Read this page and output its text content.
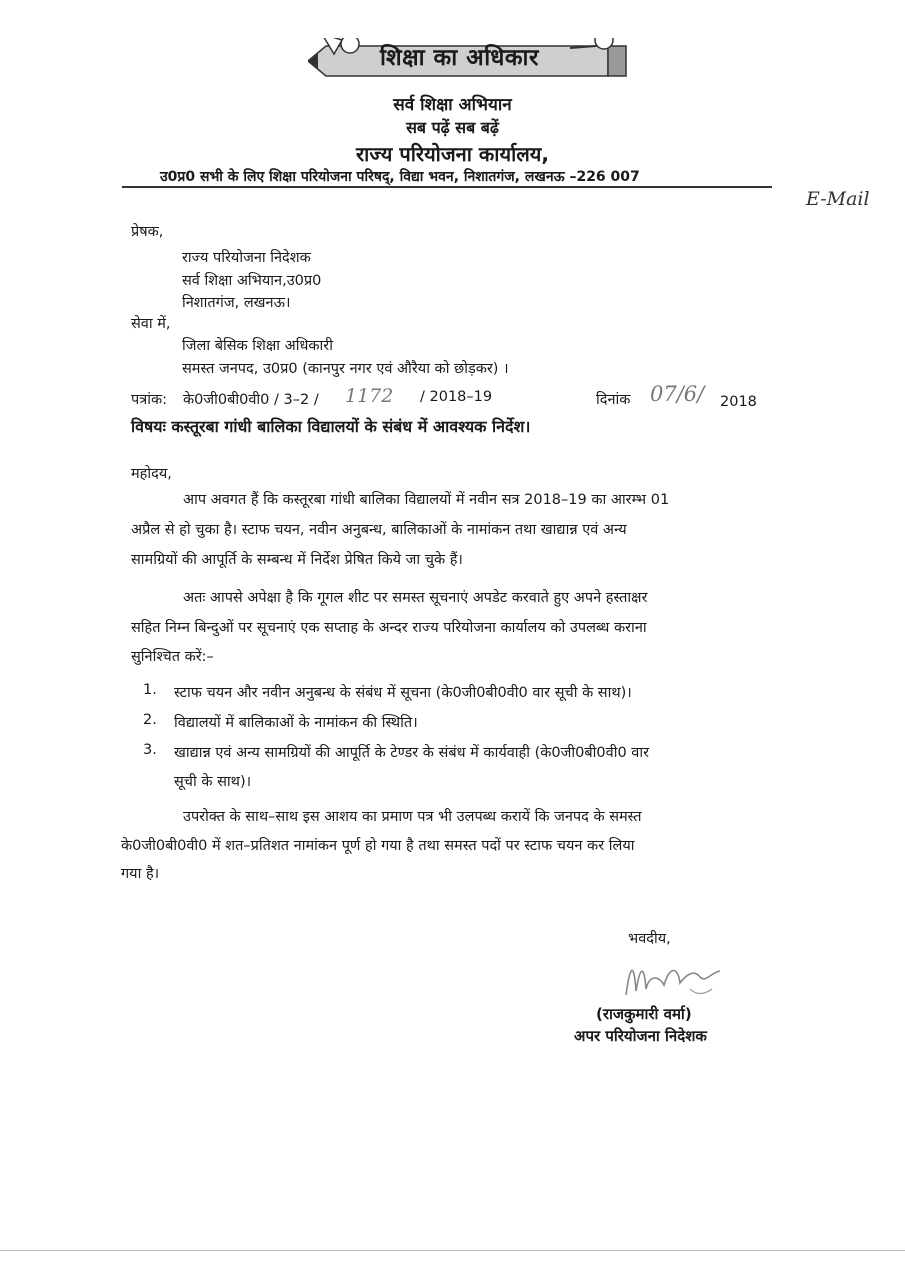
शिक्षा का अधिकार
सर्व शिक्षा अभियान
सब पढ़ें सब बढ़ें
राज्य परियोजना कार्यालय,
उ0प्र0 सभी के लिए शिक्षा परियोजना परिषद्, विद्या भवन, निशातगंज, लखनऊ –226 007
E-Mail
प्रेषक,
राज्य परियोजना निदेशक
सर्व शिक्षा अभियान,उ0प्र0
निशातगंज, लखनऊ।
सेवा में,
जिला बेसिक शिक्षा अधिकारी
समस्त जनपद, उ0प्र0 (कानपुर नगर एवं औरैया को छोड़कर) ।
पत्रांक: के0जी0बी0वी0 / 3–2 / 1172 / 2018–19	दिनांक 07/6/ 2018
विषयः कस्तूरबा गांधी बालिका विद्यालयों के संबंध में आवश्यक निर्देश।
महोदय,
आप अवगत हैं कि कस्तूरबा गांधी बालिका विद्यालयों में नवीन सत्र 2018–19 का आरम्भ 01
अप्रैल से हो चुका है। स्टाफ चयन, नवीन अनुबन्ध, बालिकाओं के नामांकन तथा खाद्यान्न एवं अन्य
सामग्रियों की आपूर्ति के सम्बन्ध में निर्देश प्रेषित किये जा चुके हैं।
अतः आपसे अपेक्षा है कि गूगल शीट पर समस्त सूचनाएं अपडेट करवाते हुए अपने हस्ताक्षर
सहित निम्न बिन्दुओं पर सूचनाएं एक सप्ताह के अन्दर राज्य परियोजना कार्यालय को उपलब्ध कराना
सुनिश्चित करें:–
1. स्टाफ चयन और नवीन अनुबन्ध के संबंध में सूचना (के0जी0बी0वी0 वार सूची के साथ)।
2. विद्यालयों में बालिकाओं के नामांकन की स्थिति।
3. खाद्यान्न एवं अन्य सामग्रियों की आपूर्ति के टेण्डर के संबंध में कार्यवाही (के0जी0बी0वी0 वार
सूची के साथ)।
उपरोक्त के साथ–साथ इस आशय का प्रमाण पत्र भी उलपब्ध करायें कि जनपद के समस्त
के0जी0बी0वी0 में शत–प्रतिशत नामांकन पूर्ण हो गया है तथा समस्त पदों पर स्टाफ चयन कर लिया
गया है।
भवदीय,
(राजकुमारी वर्मा)
अपर परियोजना निदेशक
